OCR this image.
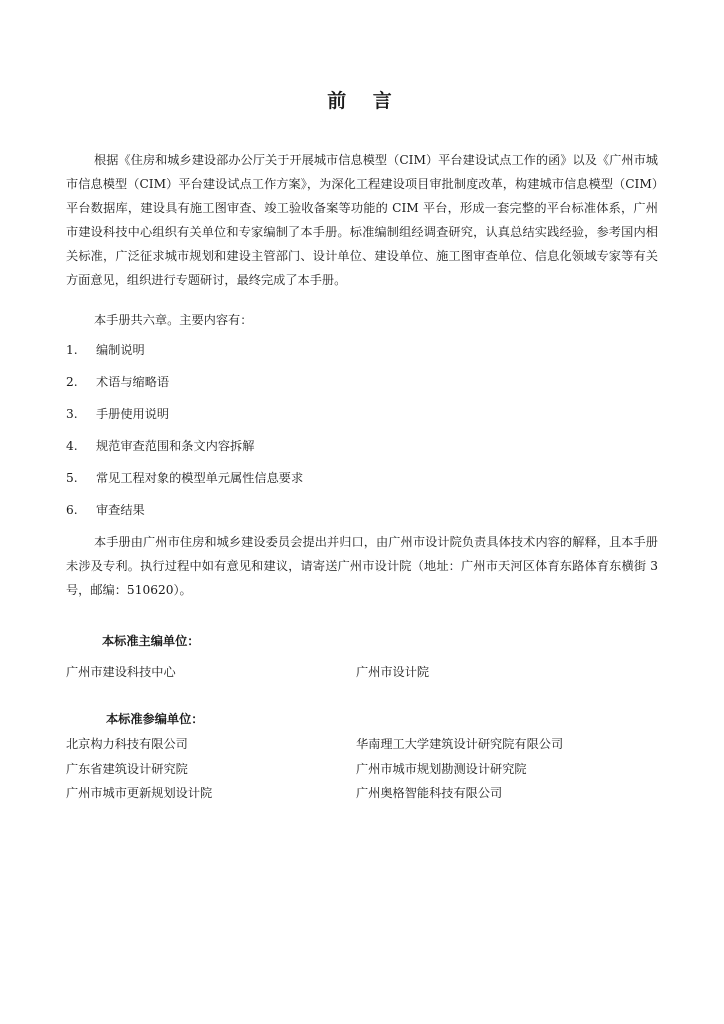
前 言

根据《住房和城乡建设部办公厅关于开展城市信息模型（CIM）平台建设试点工作的函》以及《广州市城市信息模型（CIM）平台建设试点工作方案》，为深化工程建设项目审批制度改革，构建城市信息模型（CIM）平台数据库，建设具有施工图审查、竣工验收备案等功能的 CIM 平台，形成一套完整的平台标准体系，广州市建设科技中心组织有关单位和专家编制了本手册。标准编制组经调查研究，认真总结实践经验，参考国内相关标准，广泛征求城市规划和建设主管部门、设计单位、建设单位、施工图审查单位、信息化领域专家等有关方面意见，组织进行专题研讨，最终完成了本手册。

本手册共六章。主要内容有：

1.	编制说明
2.	术语与缩略语
3.	手册使用说明
4.	规范审查范围和条文内容拆解
5.	常见工程对象的模型单元属性信息要求
6.	审查结果

本手册由广州市住房和城乡建设委员会提出并归口，由广州市设计院负责具体技术内容的解释，且本手册未涉及专利。执行过程中如有意见和建议，请寄送广州市设计院（地址：广州市天河区体育东路体育东横街 3 号，邮编：510620）。

本标准主编单位：
广州市建设科技中心	广州市设计院
本标准参编单位：
北京构力科技有限公司	华南理工大学建筑设计研究院有限公司
广东省建筑设计研究院	广州市城市规划勘测设计研究院
广州市城市更新规划设计院	广州奥格智能科技有限公司
